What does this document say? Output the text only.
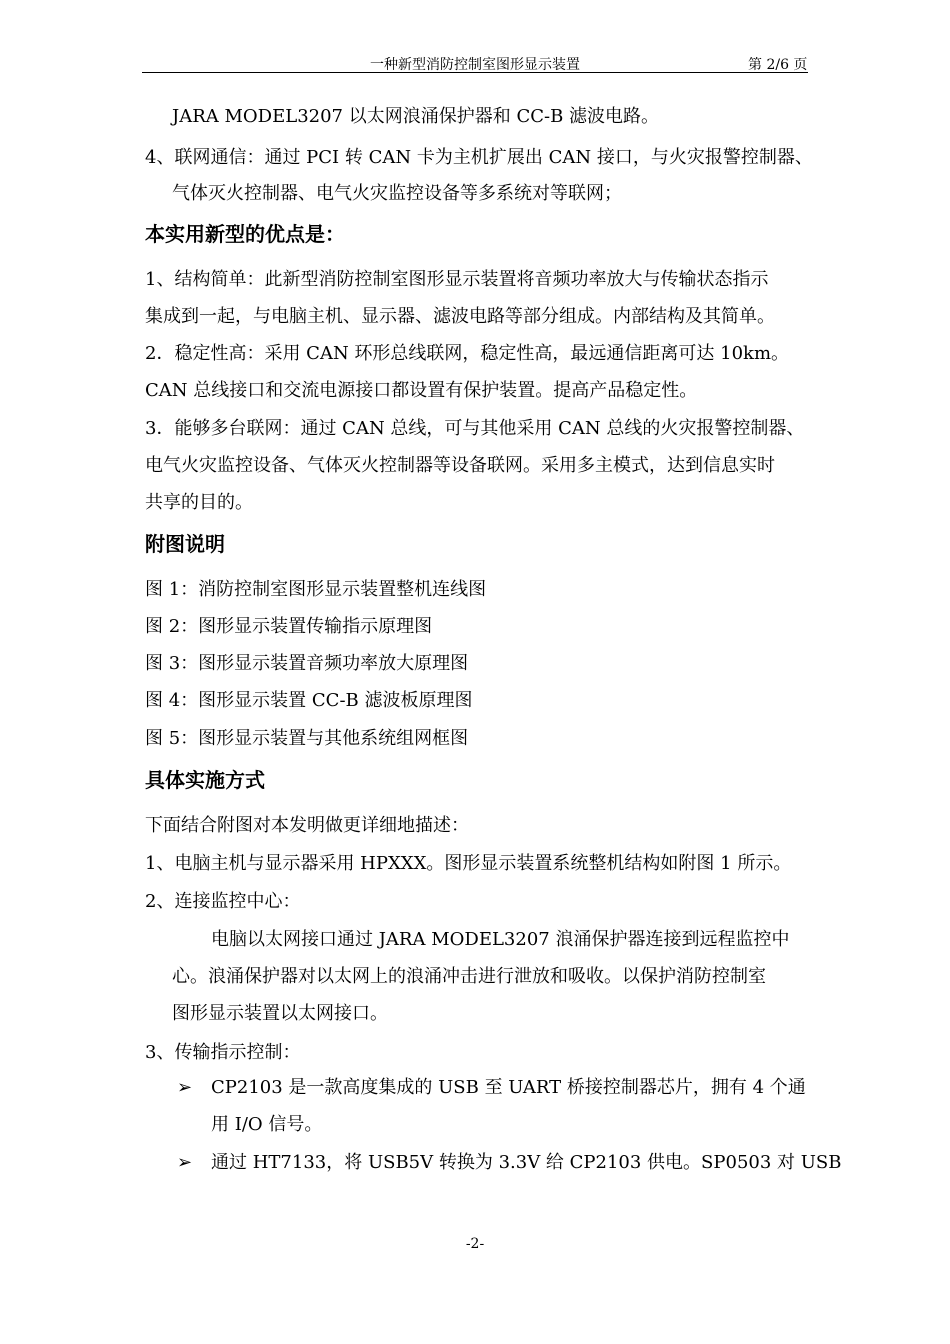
一种新型消防控制室图形显示装置	第 2/6 页
JARA MODEL3207 以太网浪涌保护器和 CC-B 滤波电路。
4、联网通信：通过 PCI 转 CAN 卡为主机扩展出 CAN 接口，与火灾报警控制器、
气体灭火控制器、电气火灾监控设备等多系统对等联网；
本实用新型的优点是：
1、结构简单：此新型消防控制室图形显示装置将音频功率放大与传输状态指示
集成到一起，与电脑主机、显示器、滤波电路等部分组成。内部结构及其简单。
2．稳定性高：采用 CAN 环形总线联网，稳定性高，最远通信距离可达 10km。
CAN 总线接口和交流电源接口都设置有保护装置。提高产品稳定性。
3．能够多台联网：通过 CAN 总线，可与其他采用 CAN 总线的火灾报警控制器、
电气火灾监控设备、气体灭火控制器等设备联网。采用多主模式，达到信息实时
共享的目的。
附图说明
图 1：消防控制室图形显示装置整机连线图
图 2：图形显示装置传输指示原理图
图 3：图形显示装置音频功率放大原理图
图 4：图形显示装置 CC-B 滤波板原理图
图 5：图形显示装置与其他系统组网框图
具体实施方式
下面结合附图对本发明做更详细地描述：
1、电脑主机与显示器采用 HPXXX。图形显示装置系统整机结构如附图 1 所示。
2、连接监控中心：
电脑以太网接口通过 JARA MODEL3207 浪涌保护器连接到远程监控中
心。浪涌保护器对以太网上的浪涌冲击进行泄放和吸收。以保护消防控制室
图形显示装置以太网接口。
3、传输指示控制：
➢ CP2103 是一款高度集成的 USB 至 UART 桥接控制器芯片，拥有 4 个通
用 I/O 信号。
➢ 通过 HT7133，将 USB5V 转换为 3.3V 给 CP2103 供电。SP0503 对 USB
-2-
